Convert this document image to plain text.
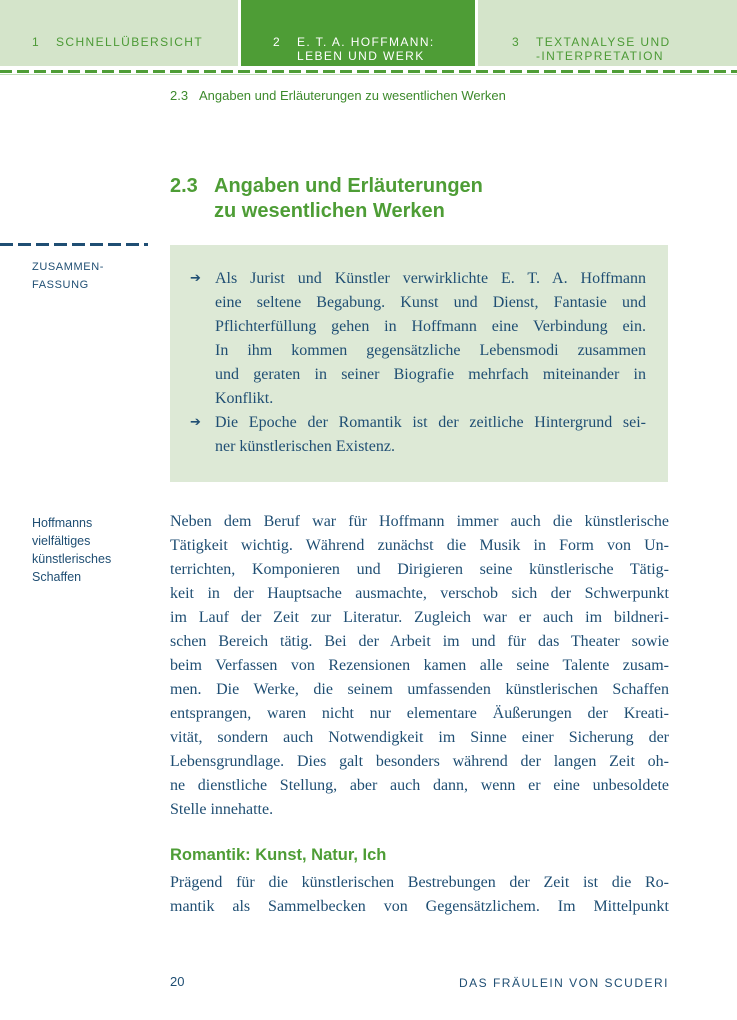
1	SCHNELLÜBERSICHT	2	E. T. A. HOFFMANN:
LEBEN UND WERK
3	TEXTANALYSE UND
-INTERPRETATION
2.3 Angaben und Erläuterungen zu wesentlichen Werken
2.3 Angaben und Erläuterungen
zu wesentlichen Werken
ZUSAMMEN-
FASSUNG	➔ Als Jurist und Künstler verwirklichte E. T. A. Hoffmann
eine seltene Begabung. Kunst und Dienst, Fantasie und
Pflichterfüllung gehen in Hoffmann eine Verbindung ein.
In ihm kommen gegensätzliche Lebensmodi zusammen
und geraten in seiner Biografie mehrfach miteinander in
Konflikt.
➔ Die Epoche der Romantik ist der zeitliche Hintergrund sei-
ner künstlerischen Existenz.
Hoffmanns
vielfältiges
künstlerisches
Schaffen
Neben dem Beruf war für Hoffmann immer auch die künstlerische
Tätigkeit wichtig. Während zunächst die Musik in Form von Un-
terrichten, Komponieren und Dirigieren seine künstlerische Tätig-
keit in der Hauptsache ausmachte, verschob sich der Schwerpunkt
im Lauf der Zeit zur Literatur. Zugleich war er auch im bildneri-
schen Bereich tätig. Bei der Arbeit im und für das Theater sowie
beim Verfassen von Rezensionen kamen alle seine Talente zusam-
men. Die Werke, die seinem umfassenden künstlerischen Schaffen
entsprangen, waren nicht nur elementare Äußerungen der Kreati-
vität, sondern auch Notwendigkeit im Sinne einer Sicherung der
Lebensgrundlage. Dies galt besonders während der langen Zeit oh-
ne dienstliche Stellung, aber auch dann, wenn er eine unbesoldete
Stelle innehatte.
Romantik: Kunst, Natur, Ich
Prägend für die künstlerischen Bestrebungen der Zeit ist die Ro-
mantik als Sammelbecken von Gegensätzlichem. Im Mittelpunkt
20	DAS FRÄULEIN VON SCUDERI
